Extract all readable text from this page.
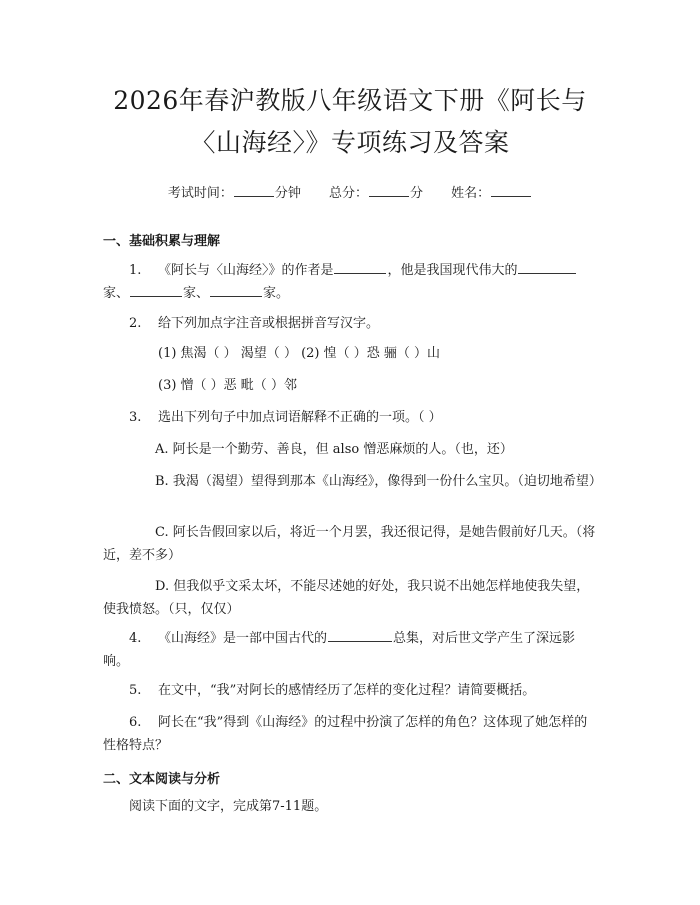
2026年春沪教版八年级语文下册《阿长与
〈山海经〉》专项练习及答案
考试时间：	分钟 总分：	分 姓名：
一、基础积累与理解
1. 《阿长与〈山海经〉》的作者是	，他是我国现代伟大的家、	家、	家。
2. 给下列加点字注音或根据拼音写汉字。
(1) 焦渴（ ） 渴望（ ） (2) 惶（ ）恐 骊（ ）山
(3) 憎（ ）恶 毗（ ）邻
3. 选出下列句子中加点词语解释不正确的一项。（ ）
A. 阿长是一个勤劳、善良，但 also 憎恶麻烦的人。（也，还）
B. 我渴（渴望）望得到那本《山海经》，像得到一份什么宝贝。（迫切地希望）
C. 阿长告假回家以后，将近一个月罢，我还很记得，是她告假前好几天。（将近，差不多）
D. 但我似乎文采太坏，不能尽述她的好处，我只说不出她怎样地使我失望，使我愤怒。（只，仅仅）
4. 《山海经》是一部中国古代的	总集，对后世文学产生了深远影响。
5. 在文中，“我”对阿长的感情经历了怎样的变化过程？请简要概括。
6. 阿长在“我”得到《山海经》的过程中扮演了怎样的角色？这体现了她怎样的性格特点？
二、文本阅读与分析
阅读下面的文字，完成第7-11题。
